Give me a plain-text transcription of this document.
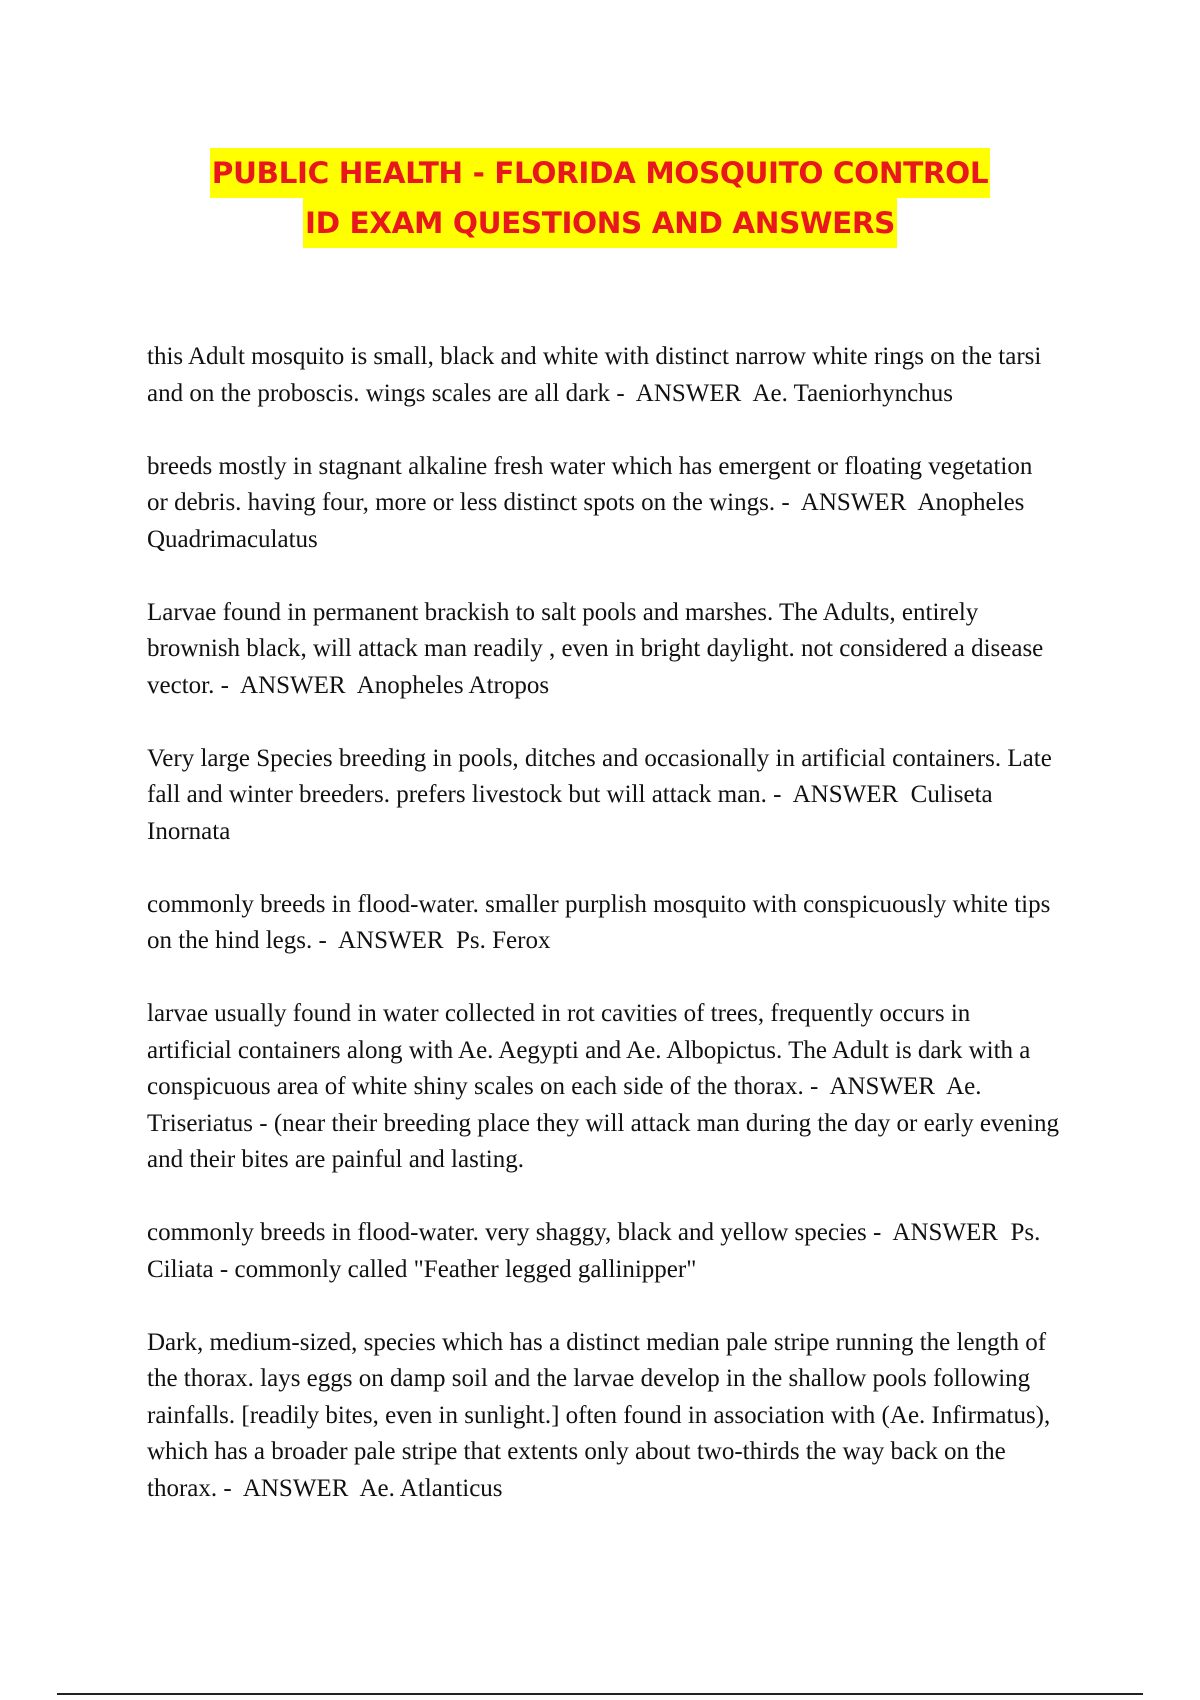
PUBLIC HEALTH - FLORIDA MOSQUITO CONTROL
ID EXAM QUESTIONS AND ANSWERS

this Adult mosquito is small, black and white with distinct narrow white rings on the tarsi and on the proboscis. wings scales are all dark -  ANSWER  Ae. Taeniorhynchus

breeds mostly in stagnant alkaline fresh water which has emergent or floating vegetation or debris. having four, more or less distinct spots on the wings. -  ANSWER  Anopheles Quadrimaculatus

Larvae found in permanent brackish to salt pools and marshes. The Adults, entirely brownish black, will attack man readily , even in bright daylight. not considered a disease vector. -  ANSWER  Anopheles Atropos

Very large Species breeding in pools, ditches and occasionally in artificial containers. Late fall and winter breeders. prefers livestock but will attack man. -  ANSWER  Culiseta Inornata

commonly breeds in flood-water. smaller purplish mosquito with conspicuously white tips on the hind legs. -  ANSWER  Ps. Ferox

larvae usually found in water collected in rot cavities of trees, frequently occurs in artificial containers along with Ae. Aegypti and Ae. Albopictus. The Adult is dark with a conspicuous area of white shiny scales on each side of the thorax. -  ANSWER  Ae. Triseriatus - (near their breeding place they will attack man during the day or early evening and their bites are painful and lasting.

commonly breeds in flood-water. very shaggy, black and yellow species -  ANSWER  Ps. Ciliata - commonly called "Feather legged gallinipper"

Dark, medium-sized, species which has a distinct median pale stripe running the length of the thorax. lays eggs on damp soil and the larvae develop in the shallow pools following rainfalls. [readily bites, even in sunlight.] often found in association with (Ae. Infirmatus), which has a broader pale stripe that extents only about two-thirds the way back on the thorax. -  ANSWER  Ae. Atlanticus
